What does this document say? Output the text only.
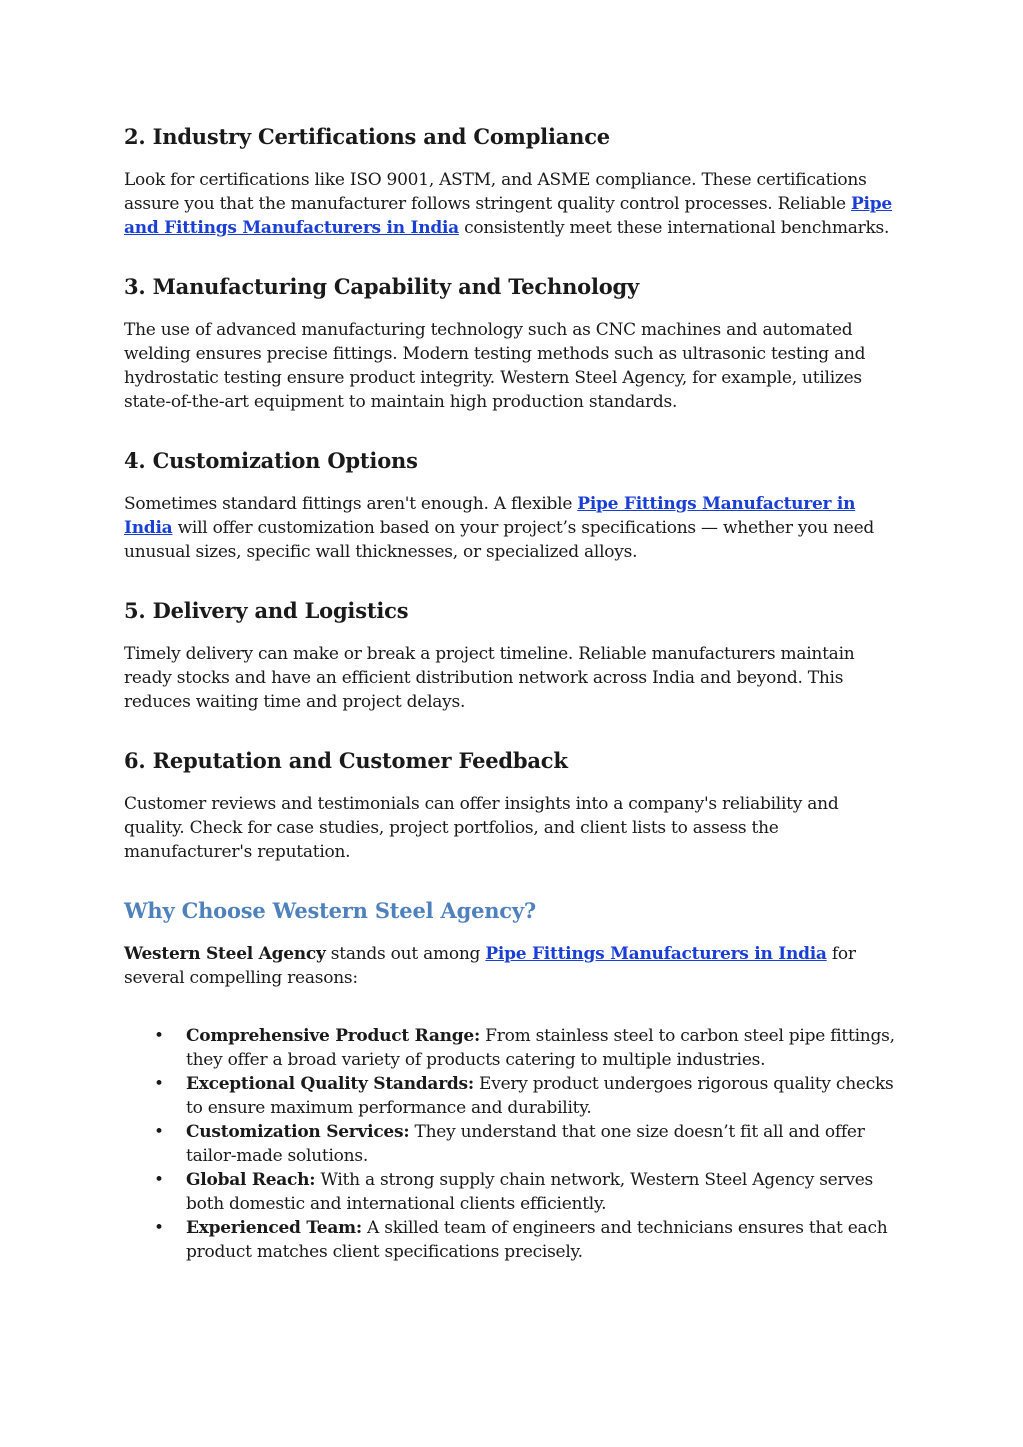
2. Industry Certifications and Compliance

Look for certifications like ISO 9001, ASTM, and ASME compliance. These certifications assure you that the manufacturer follows stringent quality control processes. Reliable Pipe and Fittings Manufacturers in India consistently meet these international benchmarks.

3. Manufacturing Capability and Technology

The use of advanced manufacturing technology such as CNC machines and automated welding ensures precise fittings. Modern testing methods such as ultrasonic testing and hydrostatic testing ensure product integrity. Western Steel Agency, for example, utilizes state-of-the-art equipment to maintain high production standards.

4. Customization Options

Sometimes standard fittings aren't enough. A flexible Pipe Fittings Manufacturer in India will offer customization based on your project’s specifications — whether you need unusual sizes, specific wall thicknesses, or specialized alloys.

5. Delivery and Logistics

Timely delivery can make or break a project timeline. Reliable manufacturers maintain ready stocks and have an efficient distribution network across India and beyond. This reduces waiting time and project delays.

6. Reputation and Customer Feedback

Customer reviews and testimonials can offer insights into a company's reliability and quality. Check for case studies, project portfolios, and client lists to assess the manufacturer's reputation.

Why Choose Western Steel Agency?

Western Steel Agency stands out among Pipe Fittings Manufacturers in India for several compelling reasons:

• Comprehensive Product Range: From stainless steel to carbon steel pipe fittings, they offer a broad variety of products catering to multiple industries.
• Exceptional Quality Standards: Every product undergoes rigorous quality checks to ensure maximum performance and durability.
• Customization Services: They understand that one size doesn’t fit all and offer tailor-made solutions.
• Global Reach: With a strong supply chain network, Western Steel Agency serves both domestic and international clients efficiently.
• Experienced Team: A skilled team of engineers and technicians ensures that each product matches client specifications precisely.
